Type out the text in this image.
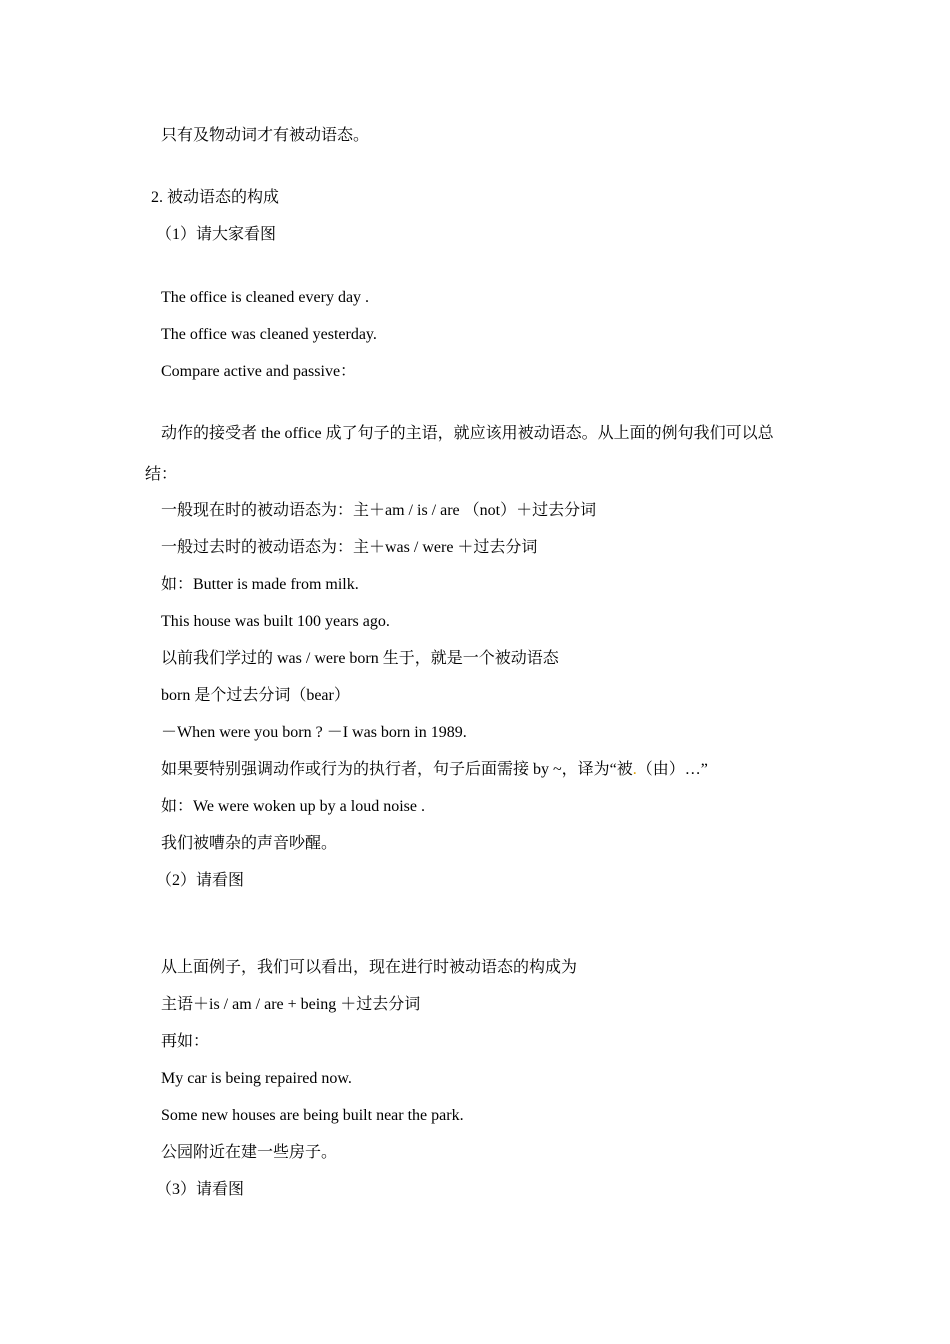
只有及物动词才有被动语态。

2. 被动语态的构成

（1）请大家看图

The office is cleaned every day .

The office was cleaned yesterday.

Compare active and passive：

动作的接受者 the office 成了句子的主语，就应该用被动语态。从上面的例句我们可以总

结：

一般现在时的被动语态为：主＋am / is / are （not）＋过去分词

一般过去时的被动语态为：主＋was / were ＋过去分词

如：Butter is made from milk.

This house was built 100 years ago.

以前我们学过的 was / were born 生于，就是一个被动语态

born 是个过去分词（bear）

－When were you born ? －I was born in 1989.

如果要特别强调动作或行为的执行者，句子后面需接 by ~，译为“被.（由）…”

如：We were woken up by a loud noise .

我们被嘈杂的声音吵醒。

（2）请看图

从上面例子，我们可以看出，现在进行时被动语态的构成为

主语＋is / am / are + being ＋过去分词

再如：

My car is being repaired now.

Some new houses are being built near the park.

公园附近在建一些房子。

（3）请看图
